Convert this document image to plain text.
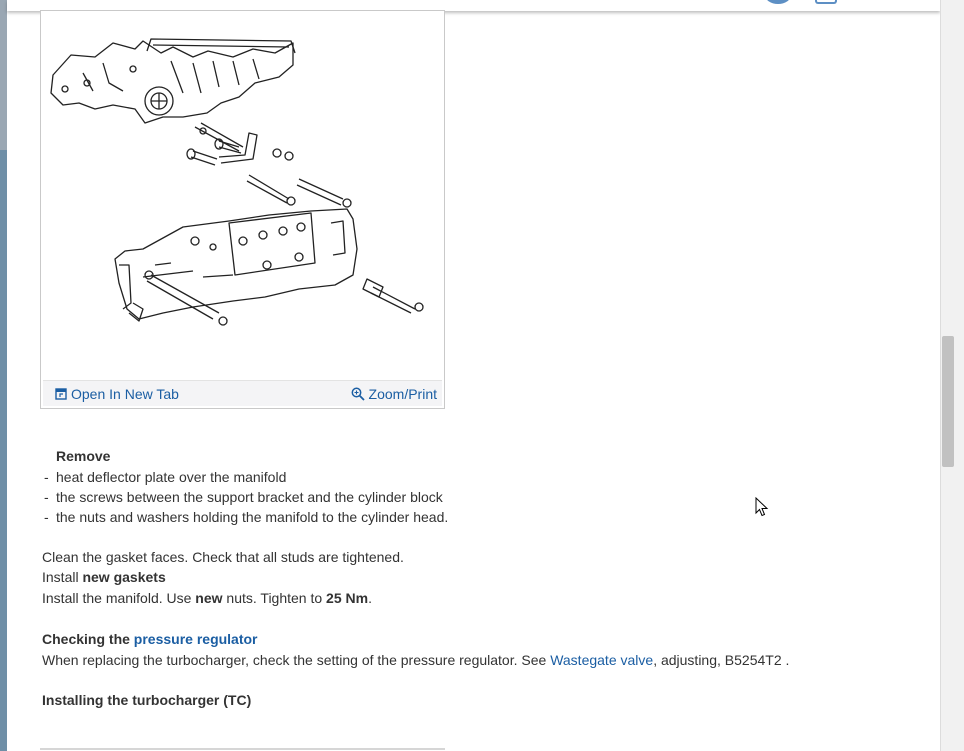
Open In New Tab	Zoom/Print
Remove
- heat deflector plate over the manifold
- the screws between the support bracket and the cylinder block
- the nuts and washers holding the manifold to the cylinder head.
Clean the gasket faces. Check that all studs are tightened.
Install new gaskets
Install the manifold. Use new nuts. Tighten to 25 Nm.
Checking the pressure regulator
When replacing the turbocharger, check the setting of the pressure regulator. See Wastegate valve, adjusting, B5254T2 .
Installing the turbocharger (TC)
